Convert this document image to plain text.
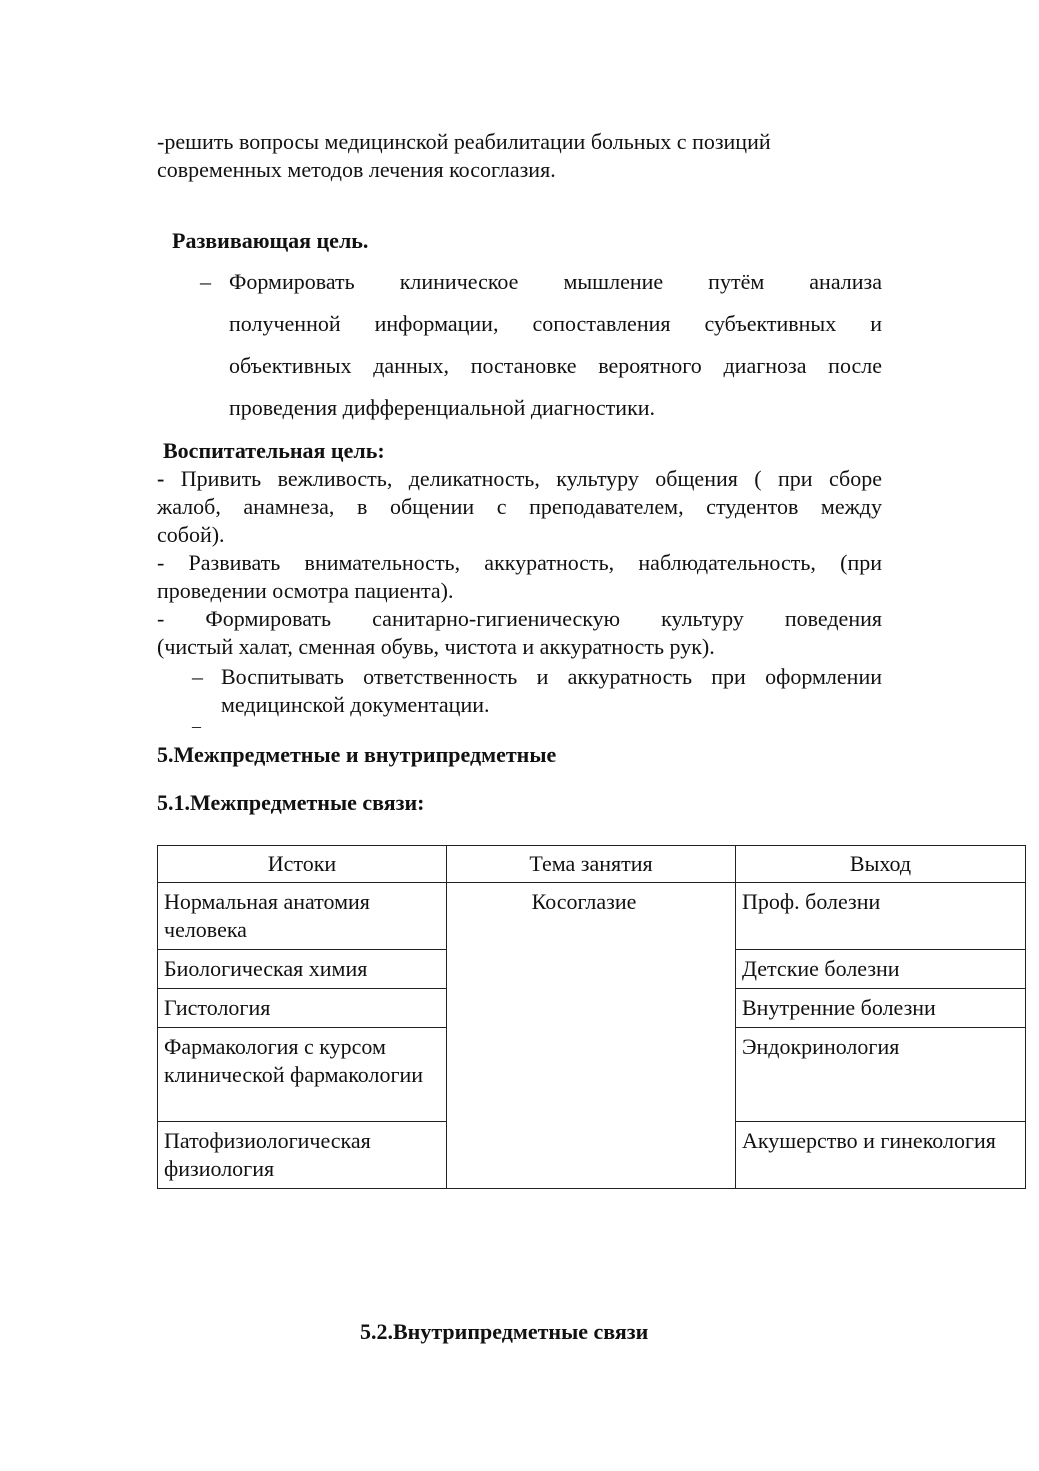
-решить вопросы медицинской реабилитации больных с позиций

современных методов лечения косоглазия.

Развивающая цель.

– Формировать клиническое мышление путём анализа

полученной информации, сопоставления субъективных и

объективных данных, постановке вероятного диагноза после

проведения дифференциальной диагностики.

Воспитательная цель:

- Привить вежливость, деликатность, культуру общения ( при сборе

жалоб, анамнеза, в общении с преподавателем, студентов между

собой).

- Развивать внимательность, аккуратность, наблюдательность, (при

проведении осмотра пациента).

- Формировать санитарно-гигиеническую культуру поведения

(чистый халат, сменная обувь, чистота и аккуратность рук).

– Воспитывать ответственность и аккуратность при оформлении

медицинской документации.

–

5.Межпредметные и внутрипредметные

5.1.Межпредметные связи:

Истоки	Тема занятия	Выход
Нормальная анатомия человека	Косоглазие	Проф. болезни
Биологическая химия		Детские болезни
Гистология		Внутренние болезни
Фармакология с курсом клинической фармакологии		Эндокринология
Патофизиологическая физиология		Акушерство и гинекология

5.2.Внутрипредметные связи
